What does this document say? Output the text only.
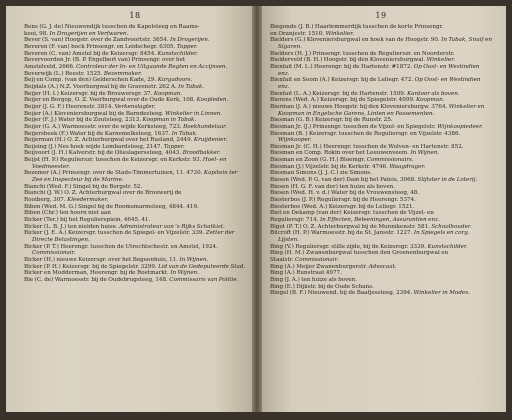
18

Bens (G. J. de) Nieuwendijk tusschen de Kapelsteeg en Raams-

kooi, 98. In Drogerijen en Verfwaren.

Bever (S. van) Hoogstr. over de Zandvoortstr. 3654. In Drogerijen.

Beveren (F. van) bock Prinsengr. en Leidschegr. 6305. Tapper.

Beveren (C. van) Amstel bij de Keizersgr. 8454. Kunstschilder.

Bevervoorden Jr. (B. P. Engelbert van) Prinsengr. over het

Amstelveld, 2666. Controleur der In- en Uitgaande Regten en Accijnsen.

Beverwijk (L.) Reestr. 1525. Bezemmaker.

Beij en Comp. (van den) Gelderschen Kade, 29. Kargadoors.

Beijdals (A.) N.Z. Voorburgwal bij de Gravenstr. 262 A. In Tabak.

Beijer (H. I.) Keizersgr. bij de Brouwersgr. 37. Koopman.

Beijer en Borgop, O. Z. Voorburgwal over de Oude Kerk, 108. Koopleden.

Beijer (J. G. F.) Heerenstr. 3814. Verkenslagter.

Beijer (A.) Kloveniersburgwal bij de Barndesteeg. Winkelier in Linnen.

Beijer (F. J.) Water bij de Zoutsteeg, 2313. Koopman in Tabak.

Beijer (G. A.) Warmoesstr. over de wijde Kerksteeg, 723. Boekhandelaar.

Beijersbeek (F.) Water bij de Karnemelksteeg, 1637. In Tabak.

Beijerman (H.) O. Z. Achterburgwal over het Rusland, 2449. Kruijdenier.

Beijsing (J.) Nes hoek wijde Lombardsteeg, 2147. Tapper.

Beijvoort (J. H.) Kalverstr. bij de Olieslagerssteeg, 4043. Broodbakker.

Beijst (H. P.) Regulierszr. tusschen de Keizersgr. en Kerkstr. 93. Hoel- en Voedmeester.

Bezemer (A.) Prinsengr. over de Stads-Timmertuinen, 11. 4730. Kapitein ter Zee en Inspecteur bij de Marine.

Bianchi (Wed. F.) Singel bij de Bergstr. 52.

Bianchi (J. W.) O. Z. Achterburgwal over de Brouwerij de

Rooiberg, 307. Kleedermaker.

Biben (Wed. M. G.) Singel bij de Roomsmarmsteeg, 4844. 419.

Biben (Chr.) ten hoorn niet aan

Bicker (Ter.) bij het Regulierspiein, 4645. 41.

Bicker (L. B. J.) ten nielden huise. Administrateur van 's Rijks Schatkist.

Bicker (J. E. A.) Keizersgr. tusschen de Spiegel- en Vijzelstr. 339. Zetter der Directe Belastingen.

Bicker (P. T.) Heerengr. tusschen de Utrechtschestr. en Amstel, 1924. Commissionair.

Bicker (H.) nieuwe Keizersgr. over het Begeenhuis, 11. In Wijnen.

Bicker (P. H.) Keizersgr. bij de Spiegelstr. 3299. Lid van de Gedeputeerde Stad.

Bicker en Modderman, Heerengr. bij de Roetmarkt. In Wijnen.

Bie (C. de) Warmoesstr. bij de Oudebrugsteeg, 148. Commissaris van Politie.

19

Biegonde (J. B.) Haarlemmerdijk tusschen de korte Prinsengr.

en Oranjestr. 1510. Winkelier.

Bielders (G.) Kloveniersburgwal en hoek van de Hoogstr. 90. In Tabak, Snuif en Sigaren.

Bielders (H. J.) Prinsengr. tusschen de Regulierszr. en Noorderstr.

Bielderveld (B. H.) Hoogstr. bij den Kloveniersburgwal. Winkelier.

Bienfait (M. L.) Heerengr. bij de Hartenstr. #1872. Op Oost- en Westindien enz.

Bienfait en Soom (A.) Keizersgr. bij de Leliegr. 472. Op Oost- en Westindien enz.

Bienfait (L. A.) Keizersgr. bij de Hartenstr. 1509. Kantoor als boven.

Bierens (Wed. A.) Keizersgr. bij de Spiegelstr. 4099. Koopman.

Bierman (J. A.) nieuwe Hoogstr. bij den Kloveniersburgw. 3764. Winkelier en Koopman in Engelsche Garens, Linten en Passementen.

Biesman (G. B.) Keizersgr. bij de Runstr. 25.

Biesman Jr. (J.) Prinsengr. tusschen de Vijzel- en Spiegelstr. Wijnkoopiedeer.

Biesman (B. ) Keizersgr. tusschen de Reguliersgr. en Vijzelstr. 4386. Wijnkooper.

Biesman Jr. (C. H.) Heerengr. tusschen de Wolven- en Hartenstr. 852.

Biesman en Comp. Rokin over het Leeuwenveem. In Wijnen.

Biesman en Zoon (G. H.) Bloemgr. Commissionairs.

Biesman (J.) Vijzelstr. bij de Kerkstr. 4746. Waagdrager.

Biesman Simons (J. J. C.) zie Simons.

Biesen (Wed. P. G. van der) Dam bij het Paleis, 3068. Slijtster in de Loterij.

Biesen (H. G. F. van der) ten huize als boven.

Biesen (Wed. H. v. d.) Water bij de Vrouwensteeg, 48.

Biesterbos (J. P.) Reguliersgr. bij de Heerengr. 5374.

Biesterbos (Wed. A.) Keizersgr. bij de Leliegr. 1521.

Biet en Dekamp (van der) Keizersgr. tusschen de Vijzel- en

Reguliersgr. 714. In Effecten, Beleeningen, Assurantien enz.

Bigot (P. T.) O. Z. Achterburgwal bij de Munnikenstr. 581. Schoolhouder.

Bilcroft (H. P.) Warmoesstr. bij de St. Jansstr. 1227. In Spiegels en corg. Lijsten.

Bing (V.) Reguliersgr. stille zijde, bij de Keizersgr. 3339. Kunstschilder.

Bing (H. M.) Zwanenburgwal tusschen den Groenenburgwal en

Staalstr. Commissionair.

Bing (A.) Meijer Zwanenburgerstr. Advocaat.

Bing (A.) Runstraat 4977.

Bing (J. A.) ten huize als boven.

Bing (E.) Dijkstr. bij de Oude Schans.

Bingel (B. F.) Nieuwend. bij de Baafjessteeg, 2394. Winkelier in Modes.
